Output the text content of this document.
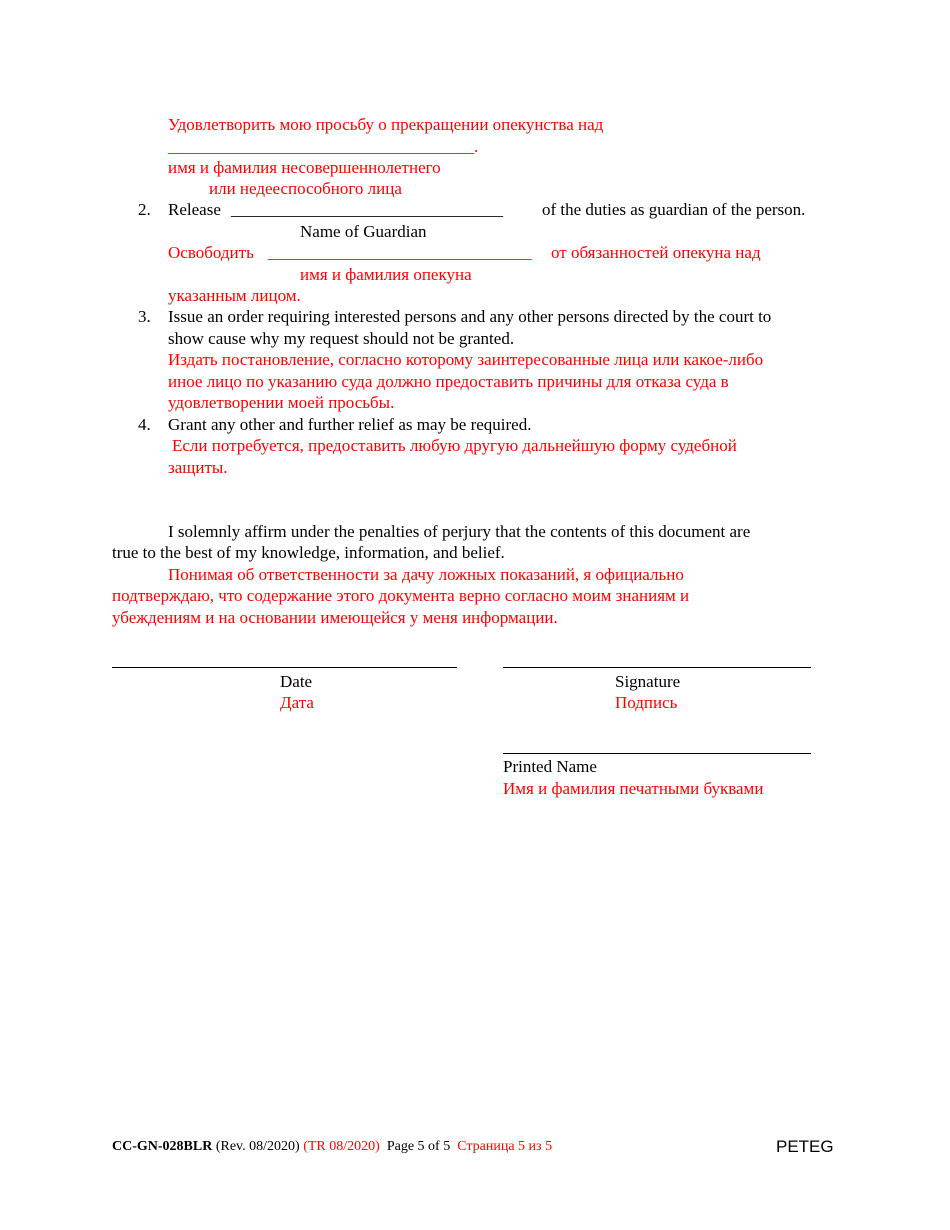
Удовлетворить мою просьбу о прекращении опекунства над
____________________________________.
имя и фамилия несовершеннолетнего
или недееспособного лица
2. Release ________________________________ of the duties as guardian of the person.
Name of Guardian
Освободить _______________________________ от обязанностей опекуна над
имя и фамилия опекуна
указанным лицом.
3. Issue an order requiring interested persons and any other persons directed by the court to
show cause why my request should not be granted.
Издать постановление, согласно которому заинтересованные лица или какое-либо
иное лицо по указанию суда должно предоставить причины для отказа суда в
удовлетворении моей просьбы.
4. Grant any other and further relief as may be required.
Если потребуется, предоставить любую другую дальнейшую форму судебной
защиты.
I solemnly affirm under the penalties of perjury that the contents of this document are
true to the best of my knowledge, information, and belief.
Понимая об ответственности за дачу ложных показаний, я официально
подтверждаю, что содержание этого документа верно согласно моим знаниям и
убеждениям и на основании имеющейся у меня информации.
Date
Дата
Signature
Подпись
Printed Name
Имя и фамилия печатными буквами
CC-GN-028BLR (Rev. 08/2020) (TR 08/2020) Page 5 of 5 Страница 5 из 5	PETEG
